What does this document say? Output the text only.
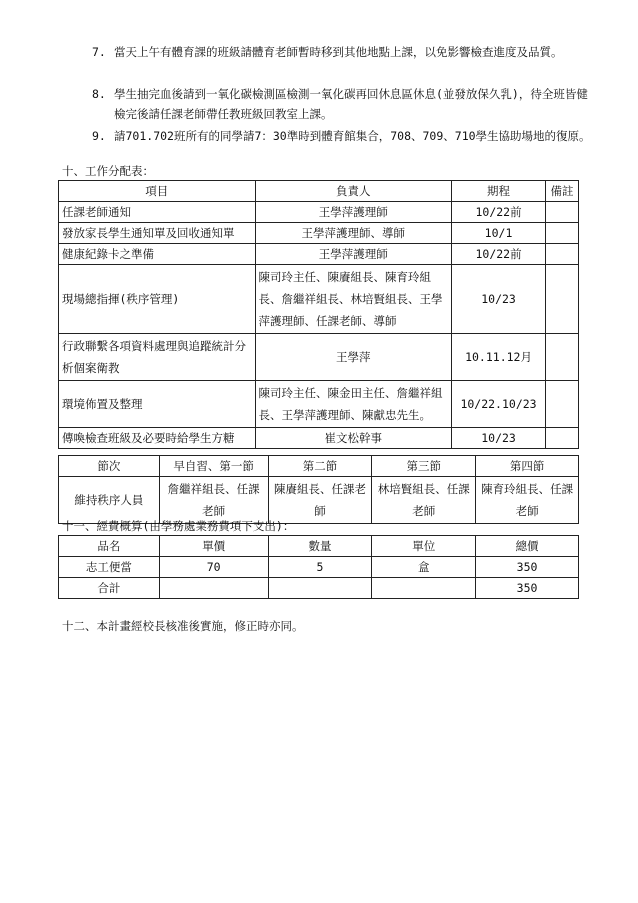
7. 當天上午有體育課的班級請體育老師暫時移到其他地點上課，以免影響檢查進度及品質。
8. 學生抽完血後請到一氧化碳檢測區檢測一氧化碳再回休息區休息(並發放保久乳)，待全班皆健檢完後請任課老師帶任教班級回教室上課。
9. 請701.702班所有的同學請7：30準時到體育館集合，708、709、710學生協助場地的復原。
十、工作分配表：
項目	負責人	期程	備註
任課老師通知	王學萍護理師	10/22前	
發放家長學生通知單及回收通知單	王學萍護理師、導師	10/1	
健康紀錄卡之準備	王學萍護理師	10/22前	
現場總指揮(秩序管理)	陳司玲主任、陳賡組長、陳育玲組長、詹繼祥組長、林培賢組長、王學萍護理師、任課老師、導師	10/23	
行政聯繫各項資料處理與追蹤統計分析個案衛教	王學萍	10.11.12月	
環境佈置及整理	陳司玲主任、陳金田主任、詹繼祥組長、王學萍護理師、陳獻忠先生。	10/22.10/23	
傳喚檢查班級及必要時給學生方糖	崔文松幹事	10/23	
節次	早自習、第一節	第二節	第三節	第四節
維持秩序人員	詹繼祥組長、任課老師	陳賡組長、任課老師	林培賢組長、任課老師	陳育玲組長、任課老師
十一、經費概算(由學務處業務費項下支出)：
品名	單價	數量	單位	總價
志工便當	70	5	盒	350
合計				350
十二、本計畫經校長核准後實施，修正時亦同。
